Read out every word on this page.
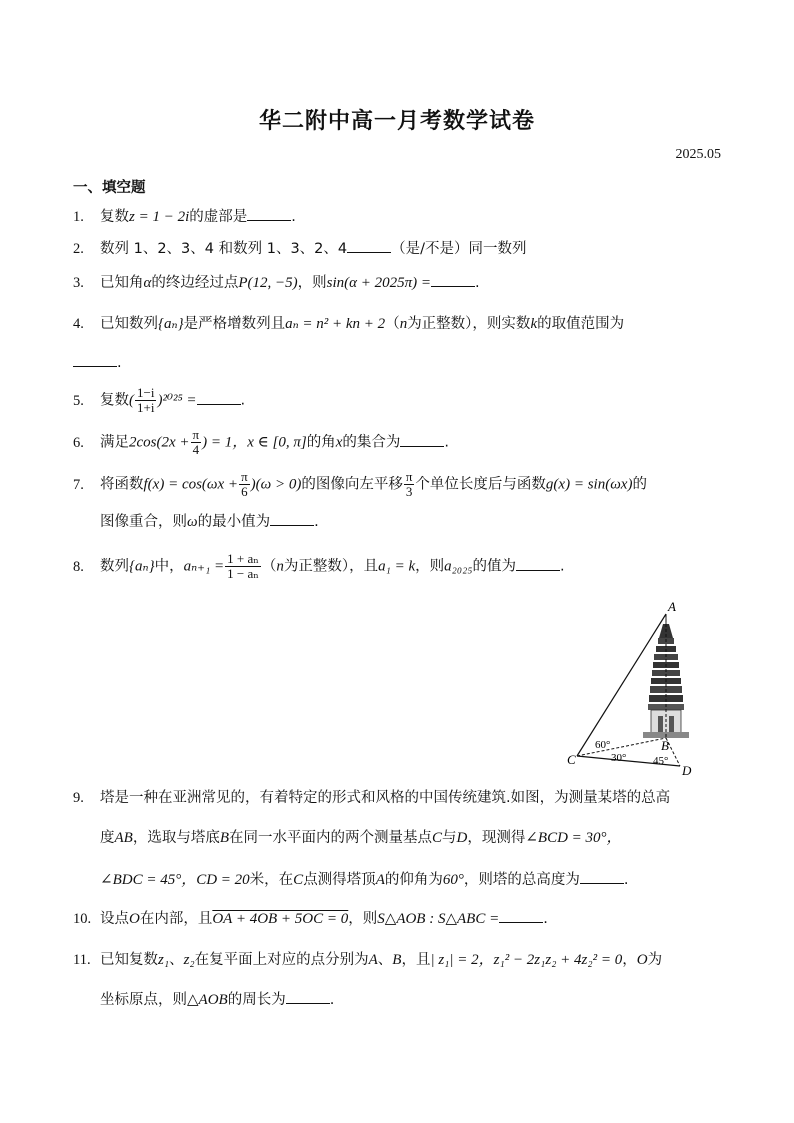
华二附中高一月考数学试卷
2025.05
一、填空题
1. 复数z = 1 − 2i的虚部是	.
2. 数列 1、2、3、4 和数列 1、3、2、4	（是/不是）同一数列
3. 已知角α的终边经过点P(12, −5)，则sin(α + 2025π) =	.
4. 已知数列{aₙ}是严格增数列且aₙ = n² + kn + 2（n为正整数），则实数k的取值范围为
.
5. 复数( $\frac{1-i}{1+i} )^{2025}$ =	.
6. 满足$2\cos(2x + \frac{\pi}{4}$ ) = 1，x ∈ [0, π]的角x的集合为	.
7. 将函数$f(x) = \cos(\omega x + \frac{\pi}{6} )(\omega > 0)$的图像向左平移 $\frac{\pi}{3}$ 个单位长度后与函数g(x) = sin(ωx)的
图像重合，则ω的最小值为	.
8. 数列{aₙ}中，$a_{n+1} = \frac{\text{1 + aₙ}}{\text{1 − aₙ}} (n$为正整数），且a₁ = k，则a₂₀₂₅的值为	.
A
B
C
D
60°
30° 45°
9. 塔是一种在亚洲常见的，有着特定的形式和风格的中国传统建筑.如图，为测量某塔的总高
度AB，选取与塔底B在同一水平面内的两个测量基点C与D，现测得∠BCD = 30°，
∠BDC = 45°，CD = 20米，在C点测得塔顶A的仰角为60°，则塔的总高度为	.
10. 设点O在内部，且OA + 4OB + 5OC = 0，则S△AOB : S△ABC =	.
11. 已知复数z₁、z₂在复平面上对应的点分别为A、B，且| z₁| = 2，z₁² − 2z₁z₂ + 4z₂² = 0，O为
坐标原点，则△AOB的周长为	.
